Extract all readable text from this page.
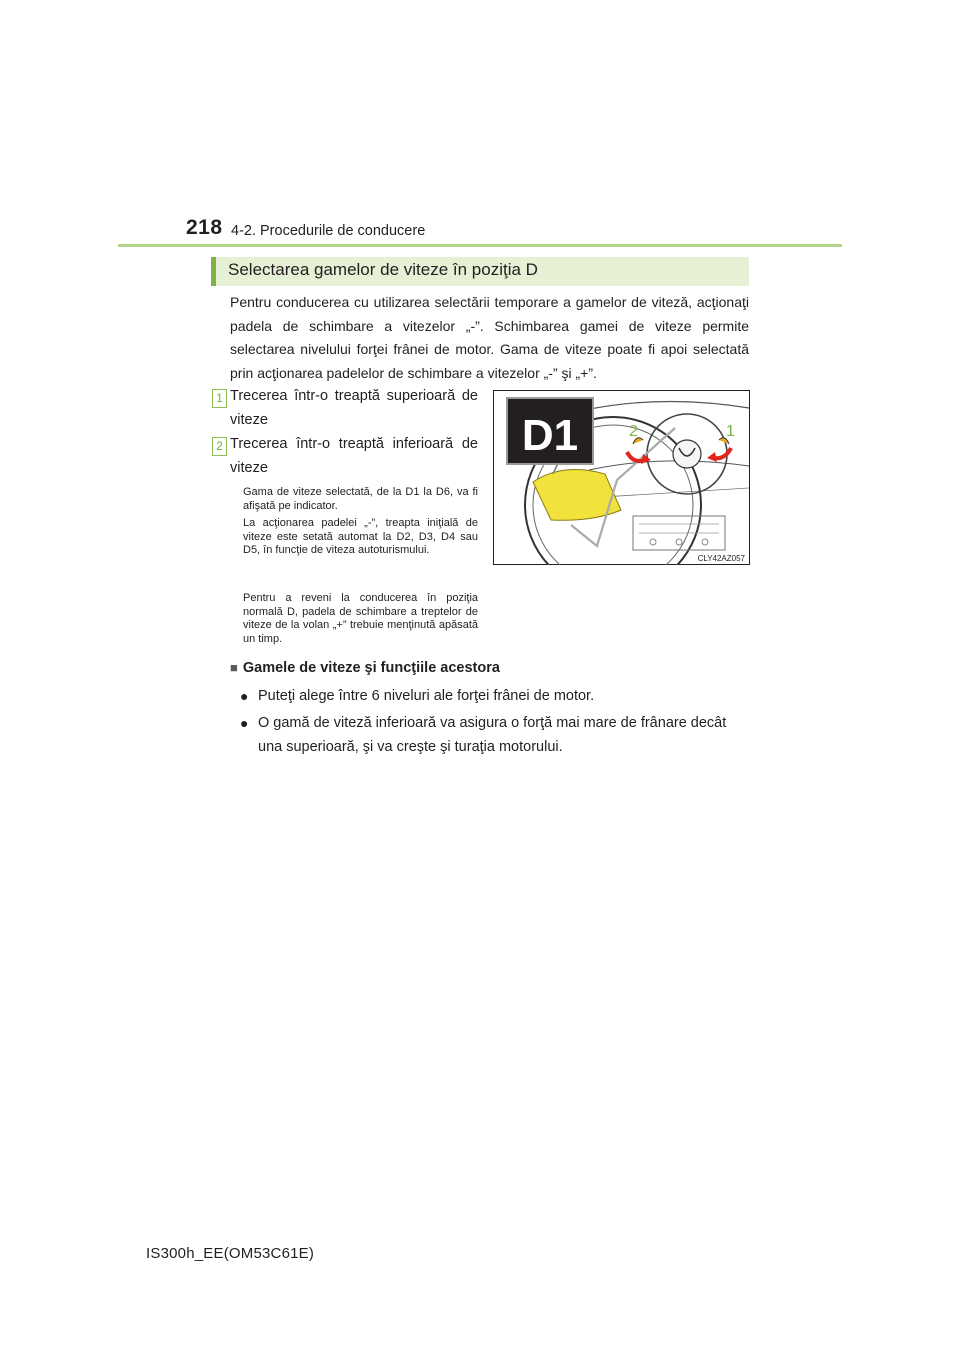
218 4-2. Procedurile de conducere
Selectarea gamelor de viteze în poziţia D
Pentru conducerea cu utilizarea selectării temporare a gamelor de viteză, acţionaţi padela de schimbare a vitezelor „-”. Schimbarea gamei de viteze permite selectarea nivelului forţei frânei de motor. Gama de viteze poate fi apoi selectată prin acţionarea padelelor de schimbare a vitezelor „-” şi „+”.
1 Trecerea într-o treaptă superioară de viteze
2 Trecerea într-o treaptă inferioară de viteze
Gama de viteze selectată, de la D1 la D6, va fi afişată pe indicator.
La acţionarea padelei „-”, treapta iniţială de viteze este setată automat la D2, D3, D4 sau D5, în funcţie de viteza autoturismului.
Pentru a reveni la conducerea în poziţia normală D, padela de schimbare a treptelor de viteze de la volan „+” trebuie menţinută apăsată un timp.
D1	2	1
CLY42AZ057
■ Gamele de viteze şi funcţiile acestora
● Puteţi alege între 6 niveluri ale forţei frânei de motor.
● O gamă de viteză inferioară va asigura o forţă mai mare de frânare decât una superioară, şi va creşte şi turaţia motorului.
IS300h_EE(OM53C61E)
